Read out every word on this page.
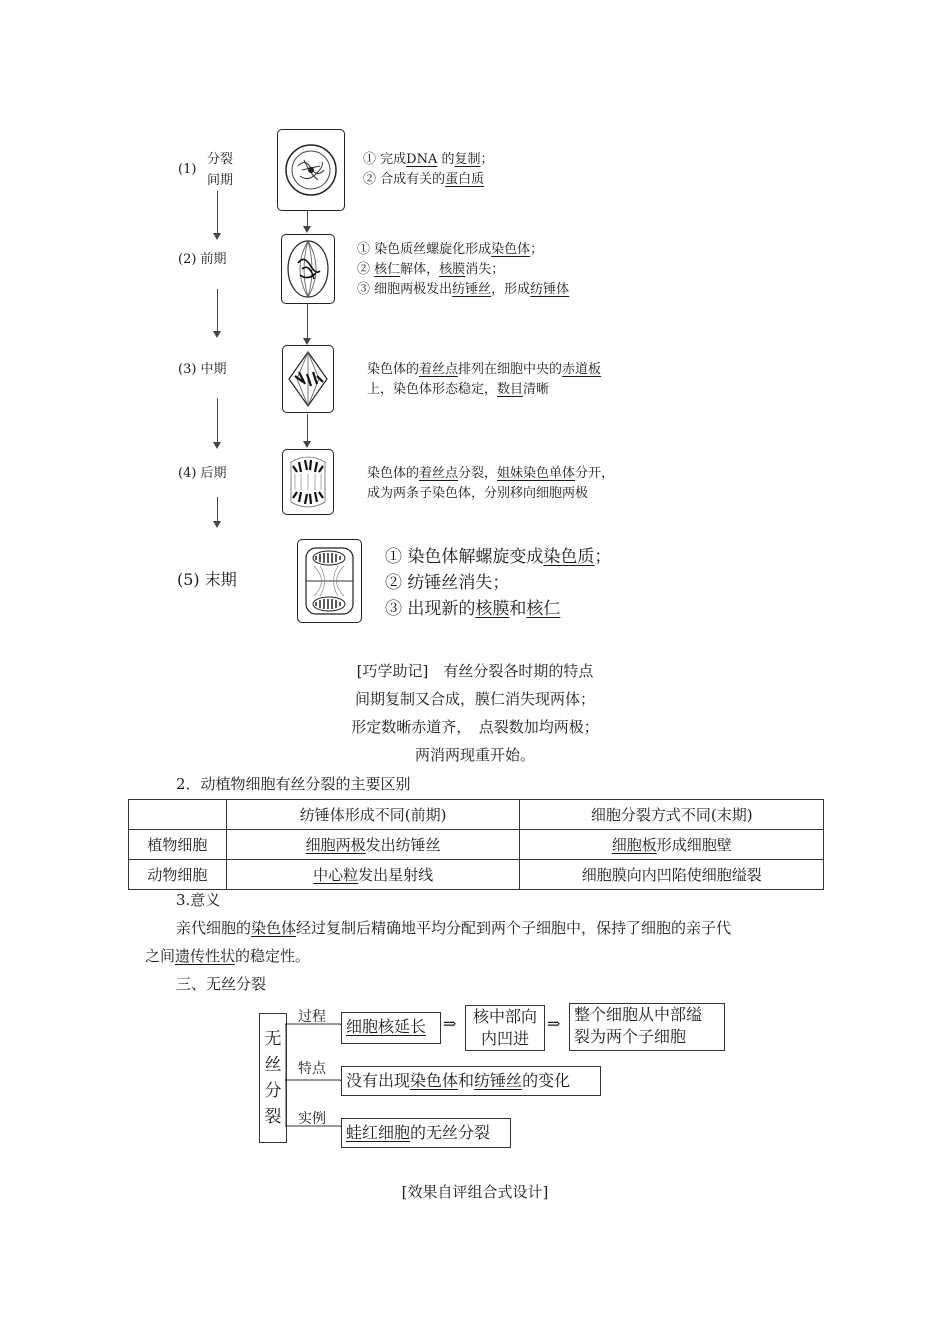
(1)
分裂
间期
① 完成DNA 的复制；
② 合成有关的蛋白质
(2) 前期
① 染色质丝螺旋化形成染色体；
② 核仁解体，核膜消失；
③ 细胞两极发出纺锤丝，形成纺锤体
(3) 中期	染色体的着丝点排列在细胞中央的赤道板
上，染色体形态稳定，数目清晰
(4) 后期	染色体的着丝点分裂，姐妹染色单体分开，
成为两条子染色体，分别移向细胞两极
(5) 末期
① 染色体解螺旋变成染色质；
② 纺锤丝消失；
③ 出现新的核膜和核仁
[巧学助记]　有丝分裂各时期的特点
间期复制又合成，膜仁消失现两体；
形定数晰赤道齐，　点裂数加均两极；
两消两现重开始。
2．动植物细胞有丝分裂的主要区别
	纺锤体形成不同(前期)	细胞分裂方式不同(末期)
植物细胞	细胞两极发出纺锤丝	细胞板形成细胞壁
动物细胞	中心粒发出星射线	细胞膜向内凹陷使细胞缢裂
3.意义
亲代细胞的染色体经过复制后精确地平均分配到两个子细胞中，保持了细胞的亲子代
之间遗传性状的稳定性。
三、无丝分裂
无
丝
分
裂
过程
特点
实例
细胞核延长 ⇒	核中部向
内凹进
⇒ 整个细胞从中部缢
裂为两个子细胞
没有出现染色体和纺锤丝的变化
蛙红细胞的无丝分裂
[效果自评组合式设计]
